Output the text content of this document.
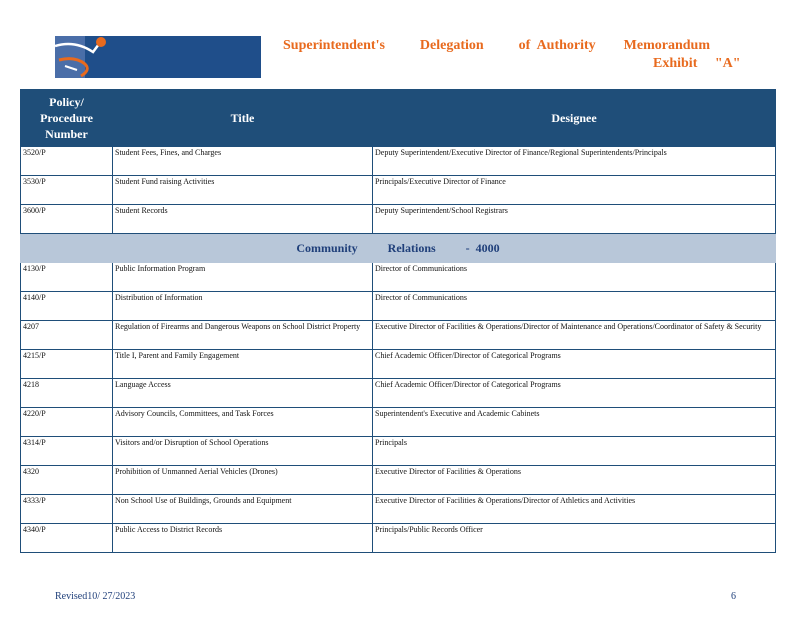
Superintendent's          Delegation          of  Authority        Memorandum
Exhibit     "A"
Policy/ Procedure Number	Title	Designee
3520/P	Student Fees, Fines, and Charges	Deputy Superintendent/Executive Director of Finance/Regional Superintendents/Principals
3530/P	Student Fund raising Activities	Principals/Executive Director of Finance
3600/P	Student Records	Deputy Superintendent/School Registrars
Community          Relations          -  4000		
4130/P	Public Information Program	Director of Communications
4140/P	Distribution of Information	Director of Communications
4207	Regulation of Firearms and Dangerous Weapons on School District Property	Executive Director of Facilities & Operations/Director of Maintenance and Operations/Coordinator of Safety & Security
4215/P	Title I, Parent and Family Engagement	Chief Academic Officer/Director of Categorical Programs
4218	Language Access	Chief Academic Officer/Director of Categorical Programs
4220/P	Advisory Councils, Committees, and Task Forces	Superintendent's Executive and Academic Cabinets
4314/P	Visitors and/or Disruption of School Operations	Principals
4320	Prohibition of Unmanned Aerial Vehicles (Drones)	Executive Director of Facilities & Operations
4333/P	Non School Use of Buildings, Grounds and Equipment	Executive Director of Facilities & Operations/Director of Athletics and Activities
4340/P	Public Access to District Records	Principals/Public Records Officer
Revised10/ 27/2023	6
